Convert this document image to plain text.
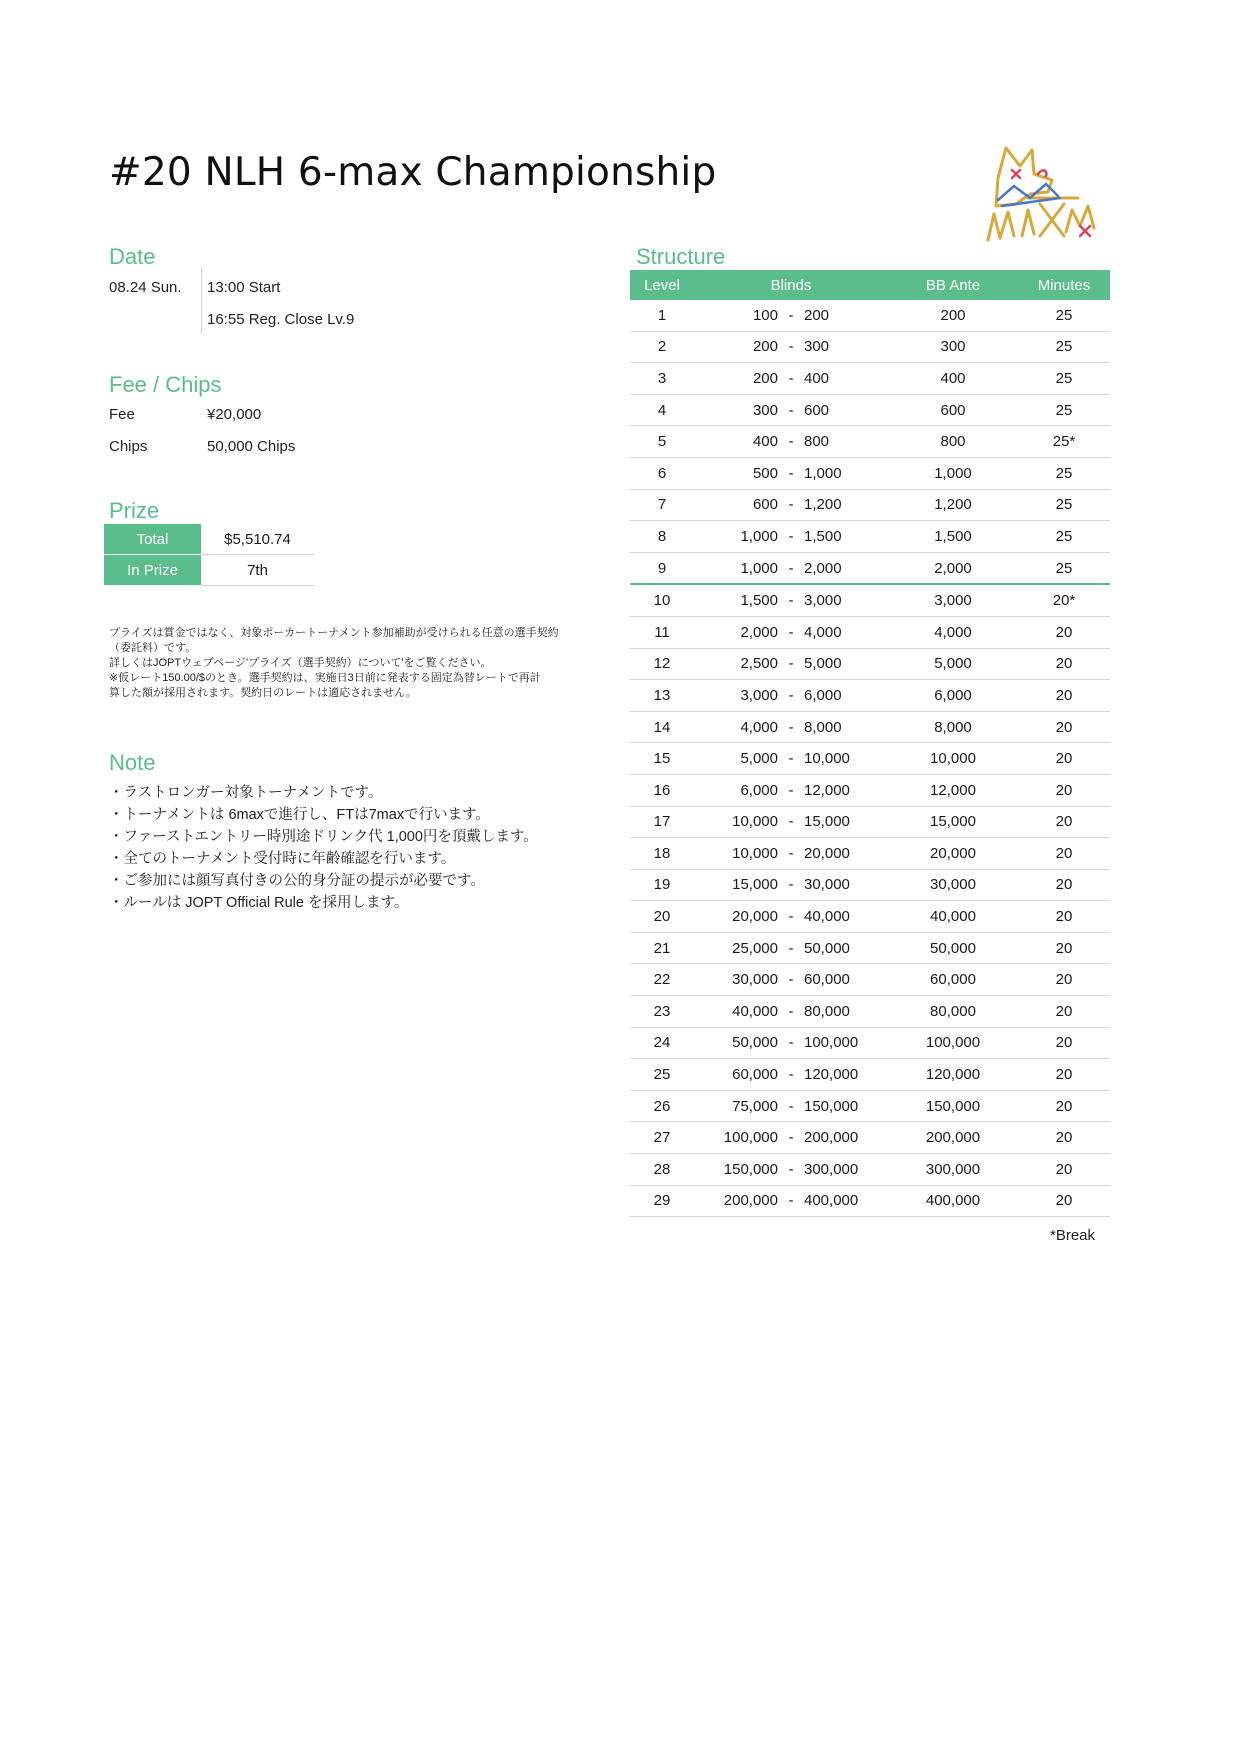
#20 NLH 6-max Championship
Date
08.24 Sun. 13:00 Start
16:55 Reg. Close Lv.9
Fee / Chips
Fee	¥20,000
Chips	50,000 Chips
Prize
Total	$5,510.74
In Prize	7th
プライズは賞金ではなく、対象ポーカートーナメント参加補助が受けられる任意の選手契約
（委託料）です。
詳しくはJOPTウェブページ'プライズ（選手契約）について'をご覧ください。
※仮レート150.00/$のとき。選手契約は、実施日3日前に発表する固定為替レートで再計
算した額が採用されます。契約日のレートは適応されません。
Note
・ラストロンガー対象トーナメントです。
・トーナメントは 6maxで進行し、FTは7maxで行います。
・ファーストエントリー時別途ドリンク代 1,000円を頂戴します。
・全てのトーナメント受付時に年齢確認を行います。
・ご参加には顔写真付きの公的身分証の提示が必要です。
・ルールは JOPT Official Rule を採用します。
Structure
Level	Blinds	BB Ante	Minutes
1	100 - 200	200	25
2	200 - 300	300	25
3	200 - 400	400	25
4	300 - 600	600	25
5	400 - 800	800	25*
6	500 - 1,000	1,000	25
7	600 - 1,200	1,200	25
8	1,000 - 1,500	1,500	25
9	1,000 - 2,000	2,000	25
10	1,500 - 3,000	3,000	20*
11	2,000 - 4,000	4,000	20
12	2,500 - 5,000	5,000	20
13	3,000 - 6,000	6,000	20
14	4,000 - 8,000	8,000	20
15	5,000 - 10,000	10,000	20
16	6,000 - 12,000	12,000	20
17	10,000 - 15,000	15,000	20
18	10,000 - 20,000	20,000	20
19	15,000 - 30,000	30,000	20
20	20,000 - 40,000	40,000	20
21	25,000 - 50,000	50,000	20
22	30,000 - 60,000	60,000	20
23	40,000 - 80,000	80,000	20
24	50,000 - 100,000	100,000	20
25	60,000 - 120,000	120,000	20
26	75,000 - 150,000	150,000	20
27	100,000 - 200,000	200,000	20
28	150,000 - 300,000	300,000	20
29	200,000 - 400,000	400,000	20
*Break
